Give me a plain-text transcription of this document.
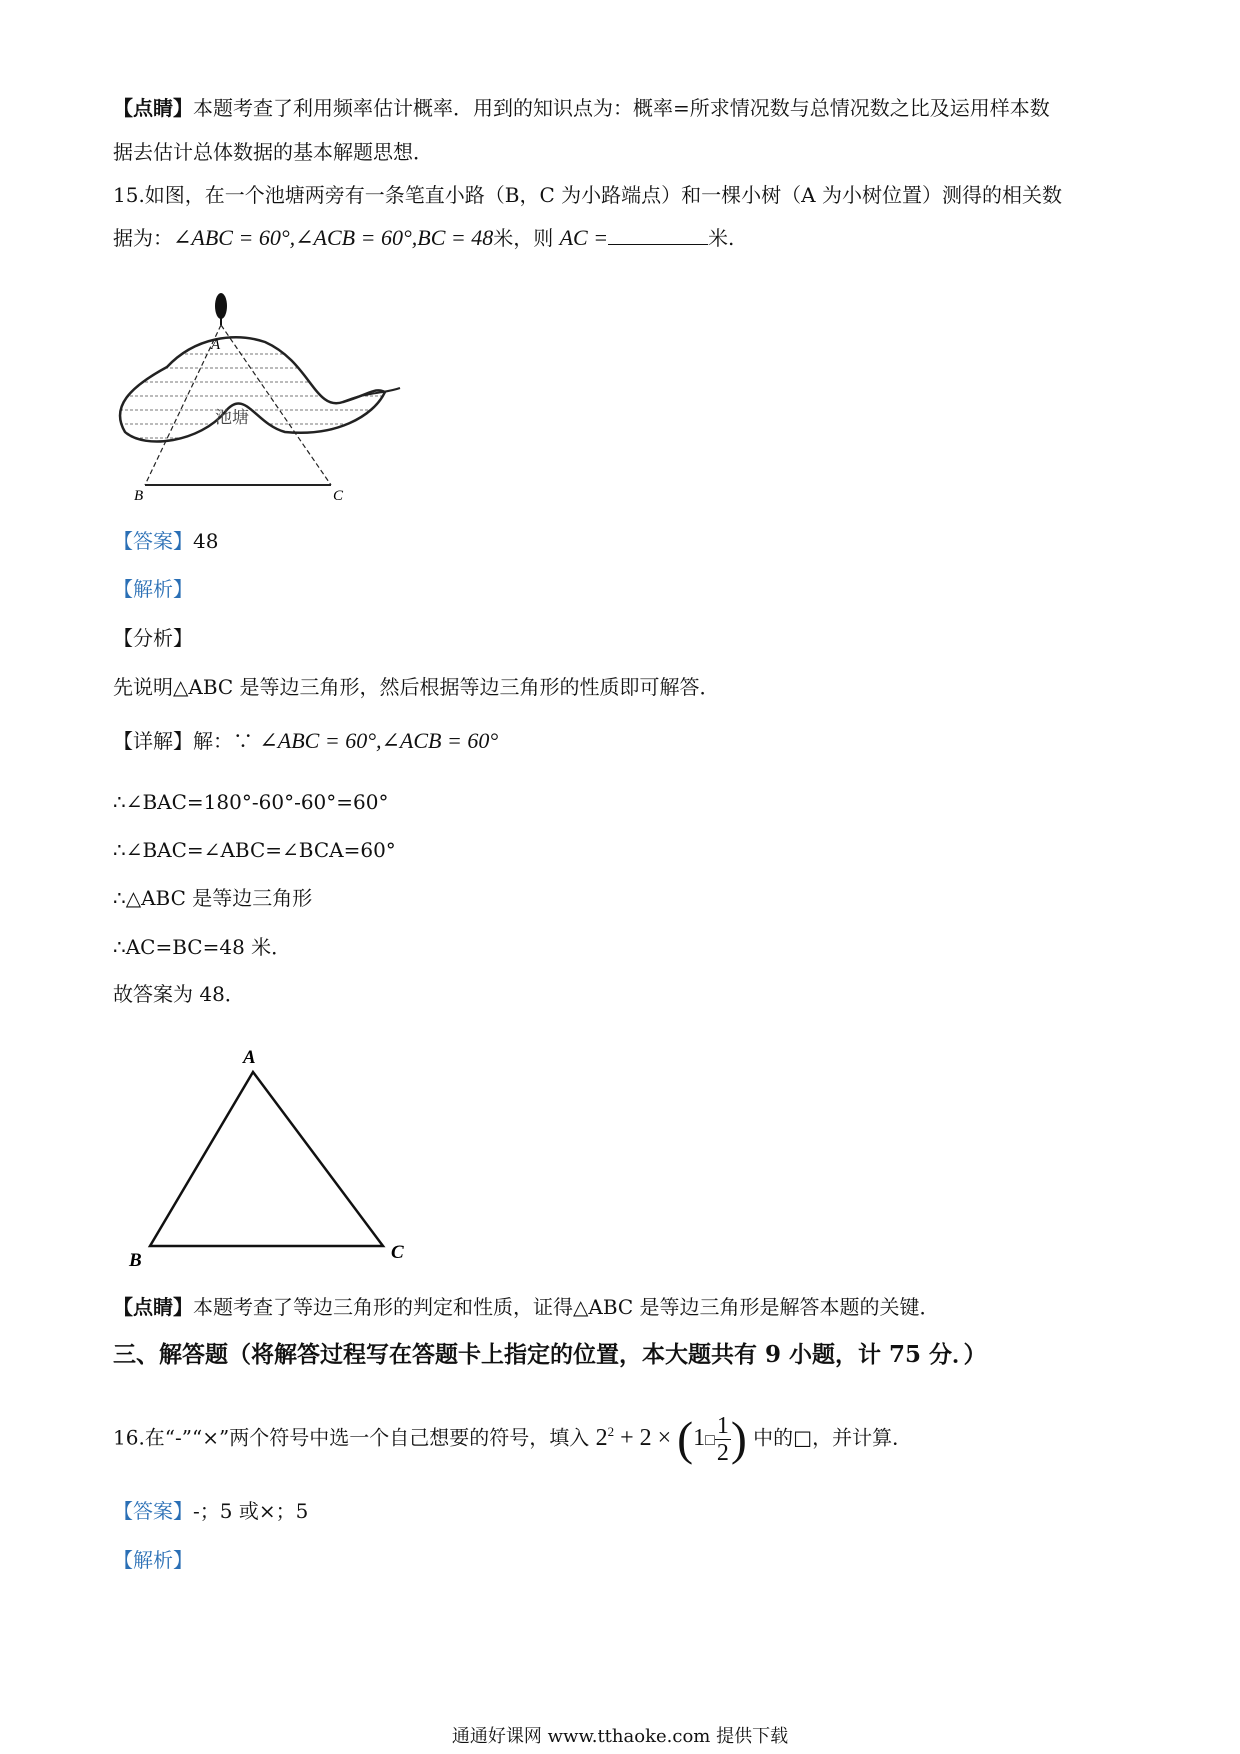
【点睛】本题考查了利用频率估计概率．用到的知识点为：概率=所求情况数与总情况数之比及运用样本数
据去估计总体数据的基本解题思想．
15.如图，在一个池塘两旁有一条笔直小路（B，C 为小路端点）和一棵小树（A 为小树位置）测得的相关数
据为：∠ABC = 60°,∠ACB = 60°,BC = 48米，则 AC =	米.
A
B	C
池塘
【答案】48
【解析】
【分析】
先说明△ABC 是等边三角形，然后根据等边三角形的性质即可解答．
【详解】解：∵ ∠ABC = 60°,∠ACB = 60°
∴∠BAC=180°-60°-60°=60°
∴∠BAC=∠ABC=∠BCA=60°
∴△ABC 是等边三角形
∴AC=BC=48 米．
故答案为 48．
A
B	C
【点睛】本题考查了等边三角形的判定和性质，证得△ABC 是等边三角形是解答本题的关键．
三、解答题（将解答过程写在答题卡上指定的位置，本大题共有 9 小题，计 75 分．）
16.在“-”“×”两个符号中选一个自己想要的符号，填入 $2^2 + 2$ × (1□ $\frac{1}{2}$ ) 中的□，并计算．
【答案】-；5 或×；5
【解析】
通通好课网 www.tthaoke.com 提供下载
